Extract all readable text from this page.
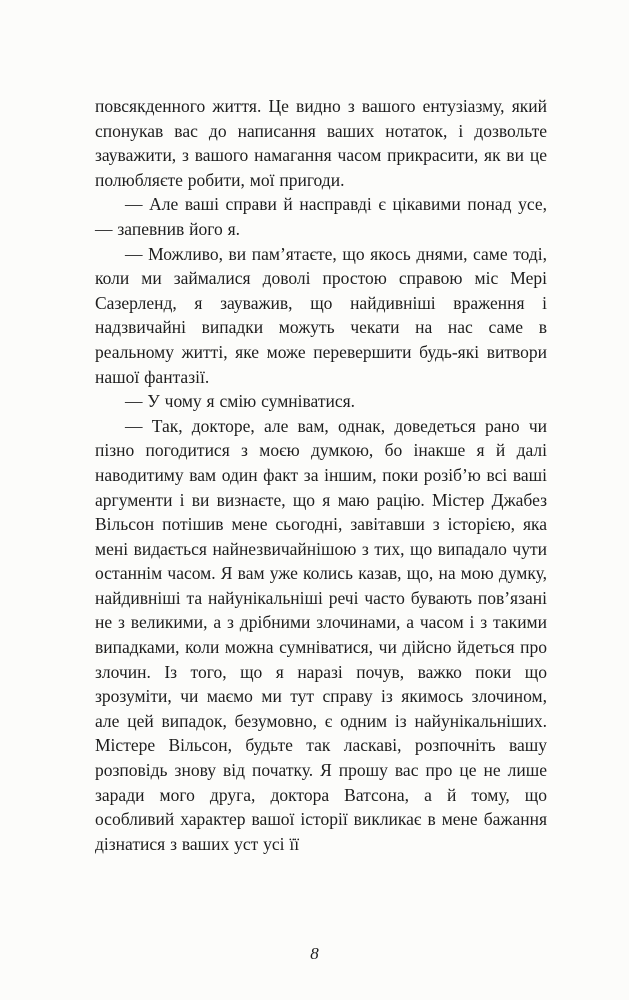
повсякденного життя. Це видно з вашого ентузіазму, який спонукав вас до написання ваших нотаток, і дозвольте зауважити, з вашого намагання часом прикрасити, як ви це полюбляєте робити, мої пригоди.

— Але ваші справи й насправді є цікавими понад усе, — запевнив його я.

— Можливо, ви пам’ятаєте, що якось днями, саме тоді, коли ми займалися доволі простою справою міс Мері Сазерленд, я зауважив, що найдивніші враження і надзвичайні випадки можуть чекати на нас саме в реальному житті, яке може перевершити будь-які витвори нашої фантазії.

— У чому я смію сумніватися.

— Так, докторе, але вам, однак, доведеться рано чи пізно погодитися з моєю думкою, бо інакше я й далі наводитиму вам один факт за іншим, поки розіб’ю всі ваші аргументи і ви визнаєте, що я маю рацію. Містер Джабез Вільсон потішив мене сьогодні, завітавши з історією, яка мені видається найнезвичайнішою з тих, що випадало чути останнім часом. Я вам уже колись казав, що, на мою думку, найдивніші та найунікальніші речі часто бувають пов’язані не з великими, а з дрібними злочинами, а часом і з такими випадками, коли можна сумніватися, чи дійсно йдеться про злочин. Із того, що я наразі почув, важко поки що зрозуміти, чи маємо ми тут справу із якимось злочином, але цей випадок, безумовно, є одним із найунікальніших. Містере Вільсон, будьте так ласкаві, розпочніть вашу розповідь знову від початку. Я прошу вас про це не лише заради мого друга, доктора Ватсона, а й тому, що особливий характер вашої історії викликає в мене бажання дізнатися з ваших уст усі її

8
